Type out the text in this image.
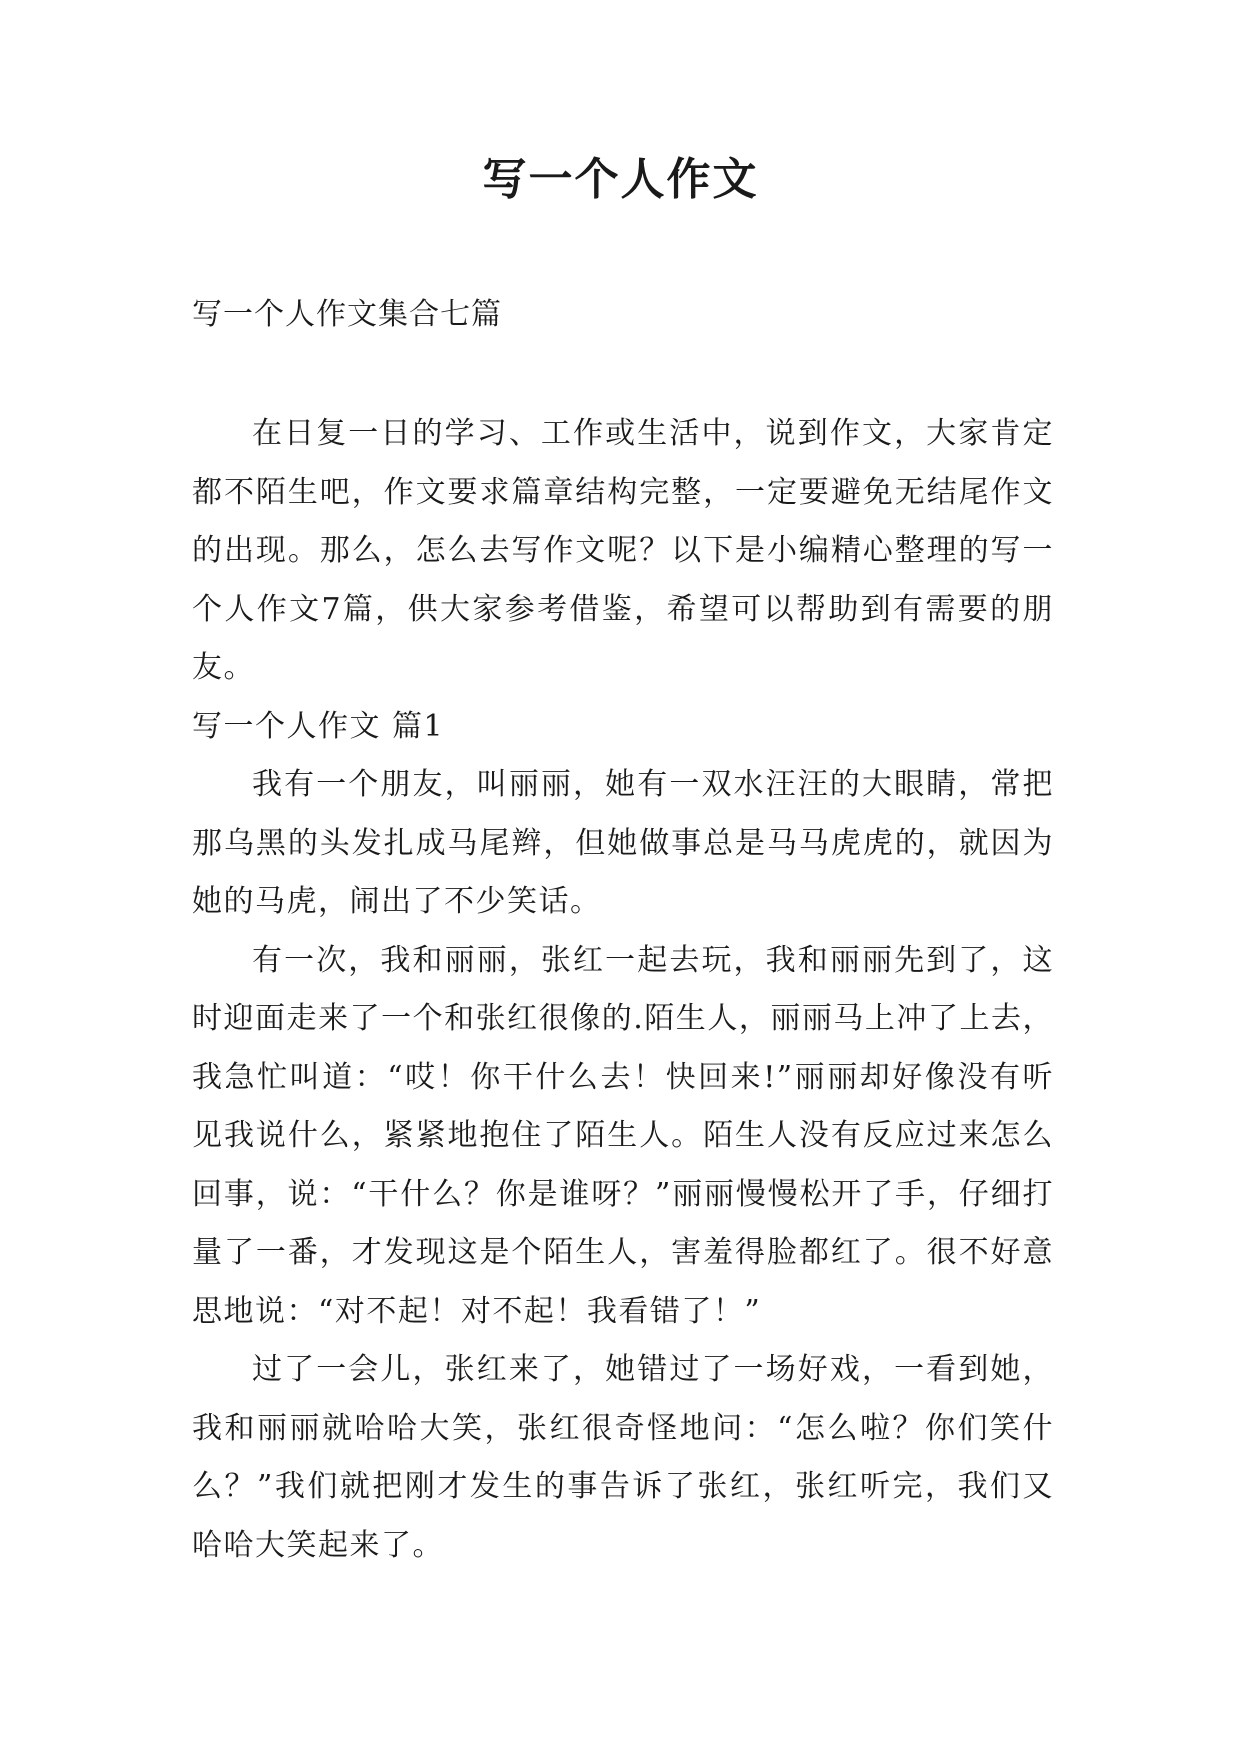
写一个人作文

写一个人作文集合七篇

在日复一日的学习、工作或生活中，说到作文，大家肯定都不陌生吧，作文要求篇章结构完整，一定要避免无结尾作文的出现。那么，怎么去写作文呢？以下是小编精心整理的写一个人作文7篇，供大家参考借鉴，希望可以帮助到有需要的朋友。

写一个人作文 篇1

我有一个朋友，叫丽丽，她有一双水汪汪的大眼睛，常把那乌黑的头发扎成马尾辫，但她做事总是马马虎虎的，就因为她的马虎，闹出了不少笑话。

有一次，我和丽丽，张红一起去玩，我和丽丽先到了，这时迎面走来了一个和张红很像的.陌生人，丽丽马上冲了上去，我急忙叫道：“哎！你干什么去！快回来!”丽丽却好像没有听见我说什么，紧紧地抱住了陌生人。陌生人没有反应过来怎么回事，说：“干什么？你是谁呀？”丽丽慢慢松开了手，仔细打量了一番，才发现这是个陌生人，害羞得脸都红了。很不好意思地说：“对不起！对不起！我看错了！”

过了一会儿，张红来了，她错过了一场好戏，一看到她，我和丽丽就哈哈大笑，张红很奇怪地问：“怎么啦？你们笑什么？”我们就把刚才发生的事告诉了张红，张红听完，我们又哈哈大笑起来了。
